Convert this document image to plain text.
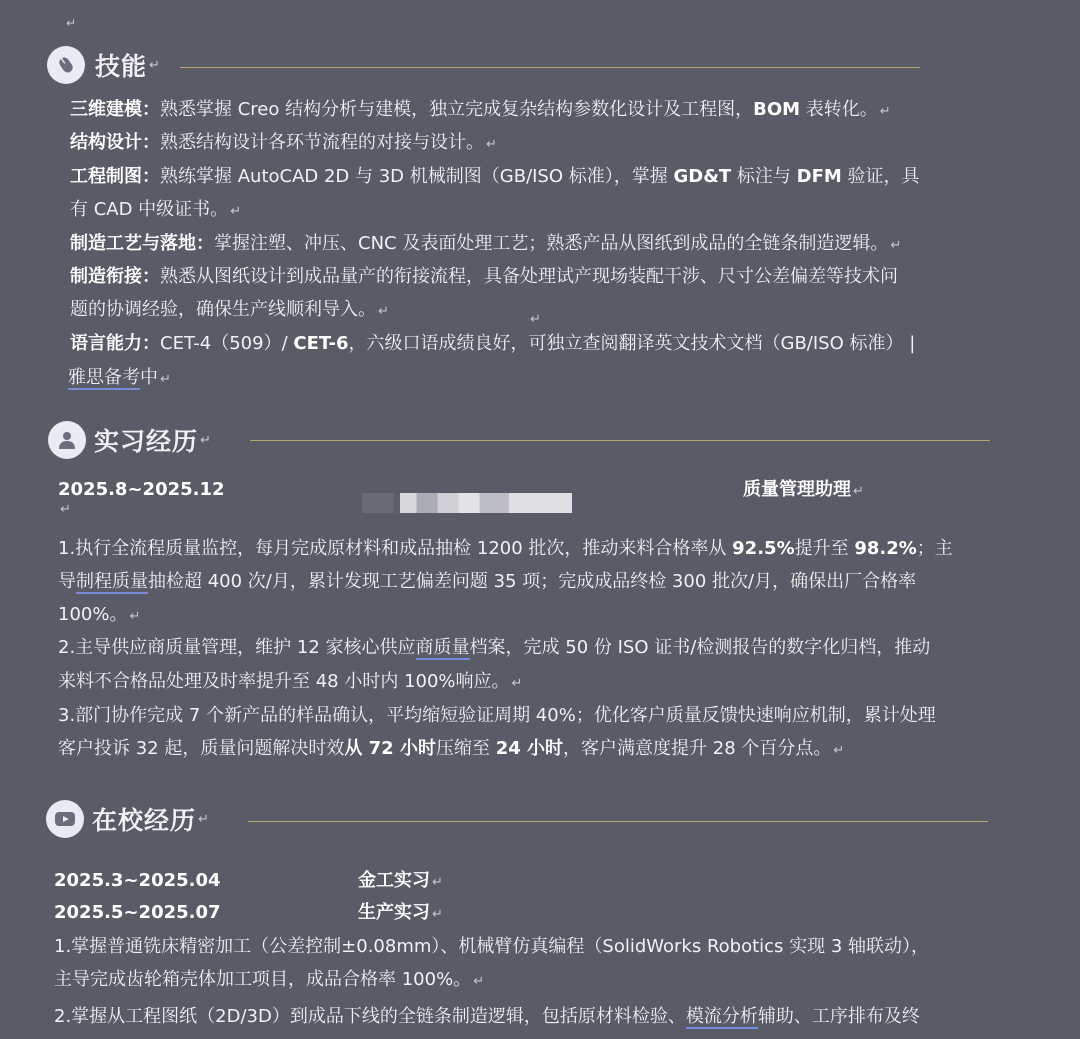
↵
技能 ↵

三维建模：熟悉掌握 Creo 结构分析与建模，独立完成复杂结构参数化设计及工程图，BOM 表转化。 ↵

结构设计：熟悉结构设计各环节流程的对接与设计。 ↵

工程制图：熟练掌握 AutoCAD 2D 与 3D 机械制图（GB/ISO 标准），掌握 GD&T 标注与 DFM 验证，具

有 CAD 中级证书。 ↵

制造工艺与落地：掌握注塑、冲压、CNC 及表面处理工艺；熟悉产品从图纸到成品的全链条制造逻辑。 ↵

制造衔接：熟悉从图纸设计到成品量产的衔接流程，具备处理试产现场装配干涉、尺寸公差偏差等技术问

题的协调经验，确保生产线顺利导入。 ↵

↵

语言能力：CET-4（509）/ CET-6，六级口语成绩良好，可独立查阅翻译英文技术文档（GB/ISO 标准） |

雅思备考中 ↵

实习经历 ↵

2025.8~2025.12	质量管理助理 ↵

↵

1.执行全流程质量监控，每月完成原材料和成品抽检 1200 批次，推动来料合格率从 92.5%提升至 98.2%；主

导制程质量抽检超 400 次/月，累计发现工艺偏差问题 35 项；完成成品终检 300 批次/月，确保出厂合格率

100%。 ↵

2.主导供应商质量管理，维护 12 家核心供应商质量档案，完成 50 份 ISO 证书/检测报告的数字化归档，推动

来料不合格品处理及时率提升至 48 小时内 100%响应。 ↵

3.部门协作完成 7 个新产品的样品确认，平均缩短验证周期 40%；优化客户质量反馈快速响应机制，累计处理

客户投诉 32 起，质量问题解决时效从 72 小时压缩至 24 小时，客户满意度提升 28 个百分点。 ↵

在校经历 ↵

2025.3~2025.04	金工实习 ↵

2025.5~2025.07	生产实习 ↵

1.掌握普通铣床精密加工（公差控制±0.08mm）、机械臂仿真编程（SolidWorks Robotics 实现 3 轴联动），

主导完成齿轮箱壳体加工项目，成品合格率 100%。 ↵

2.掌握从工程图纸（2D/3D）到成品下线的全链条制造逻辑，包括原材料检验、模流分析辅助、工序排布及终
